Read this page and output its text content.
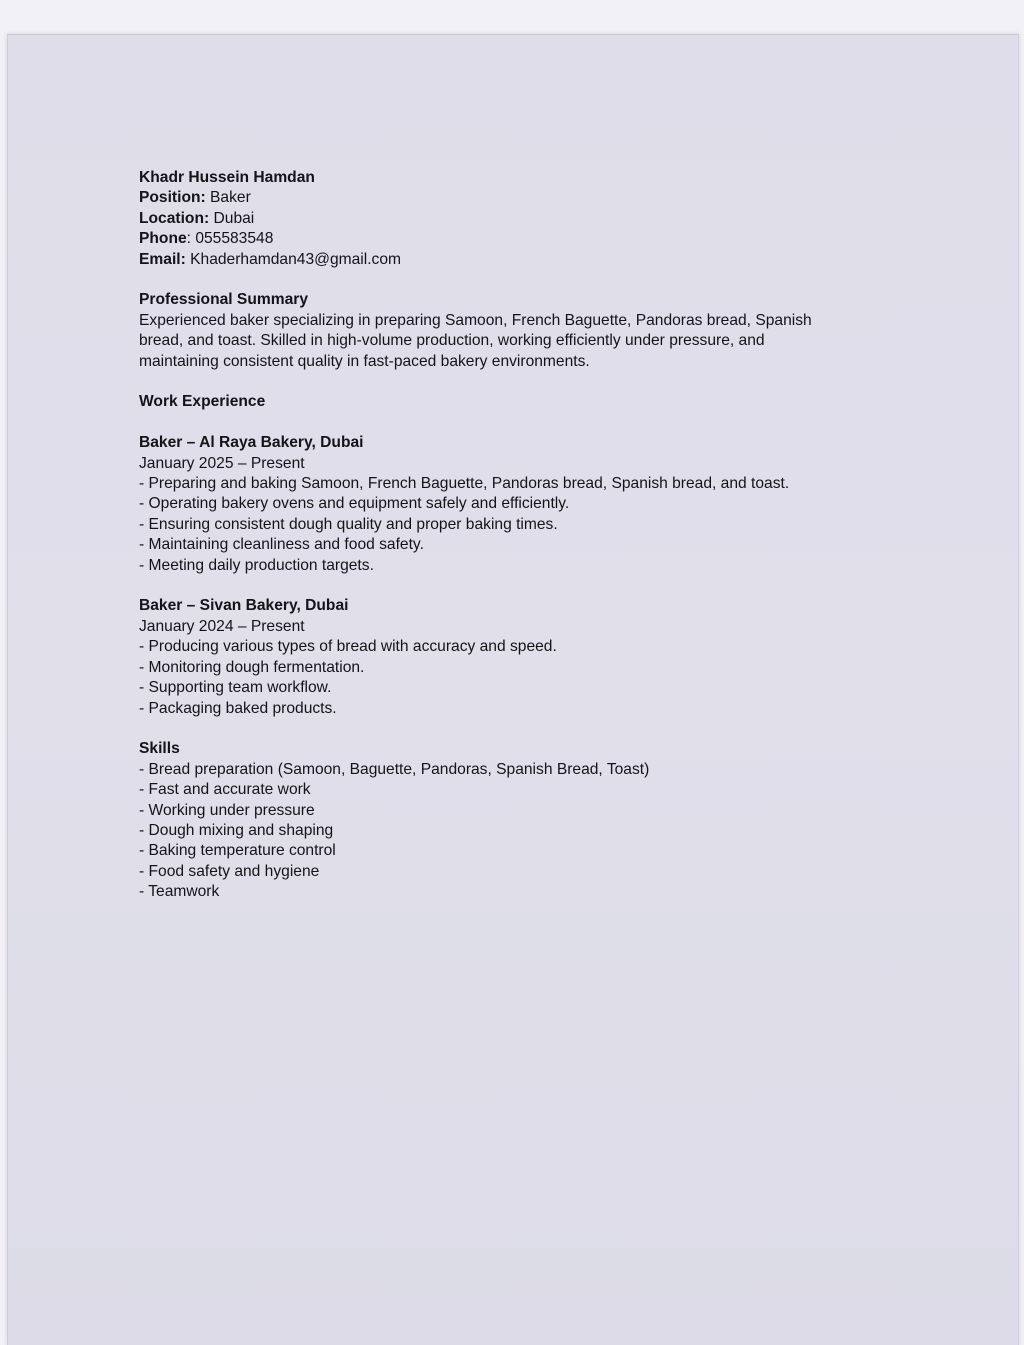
Khadr Hussein Hamdan
Position: Baker
Location: Dubai
Phone: 055583548
Email: Khaderhamdan43@gmail.com
Professional Summary
Experienced baker specializing in preparing Samoon, French Baguette, Pandoras bread, Spanish
bread, and toast. Skilled in high-volume production, working efficiently under pressure, and
maintaining consistent quality in fast-paced bakery environments.
Work Experience
Baker – Al Raya Bakery, Dubai
January 2025 – Present
- Preparing and baking Samoon, French Baguette, Pandoras bread, Spanish bread, and toast.
- Operating bakery ovens and equipment safely and efficiently.
- Ensuring consistent dough quality and proper baking times.
- Maintaining cleanliness and food safety.
- Meeting daily production targets.
Baker – Sivan Bakery, Dubai
January 2024 – Present
- Producing various types of bread with accuracy and speed.
- Monitoring dough fermentation.
- Supporting team workflow.
- Packaging baked products.
Skills
- Bread preparation (Samoon, Baguette, Pandoras, Spanish Bread, Toast)
- Fast and accurate work
- Working under pressure
- Dough mixing and shaping
- Baking temperature control
- Food safety and hygiene
- Teamwork
